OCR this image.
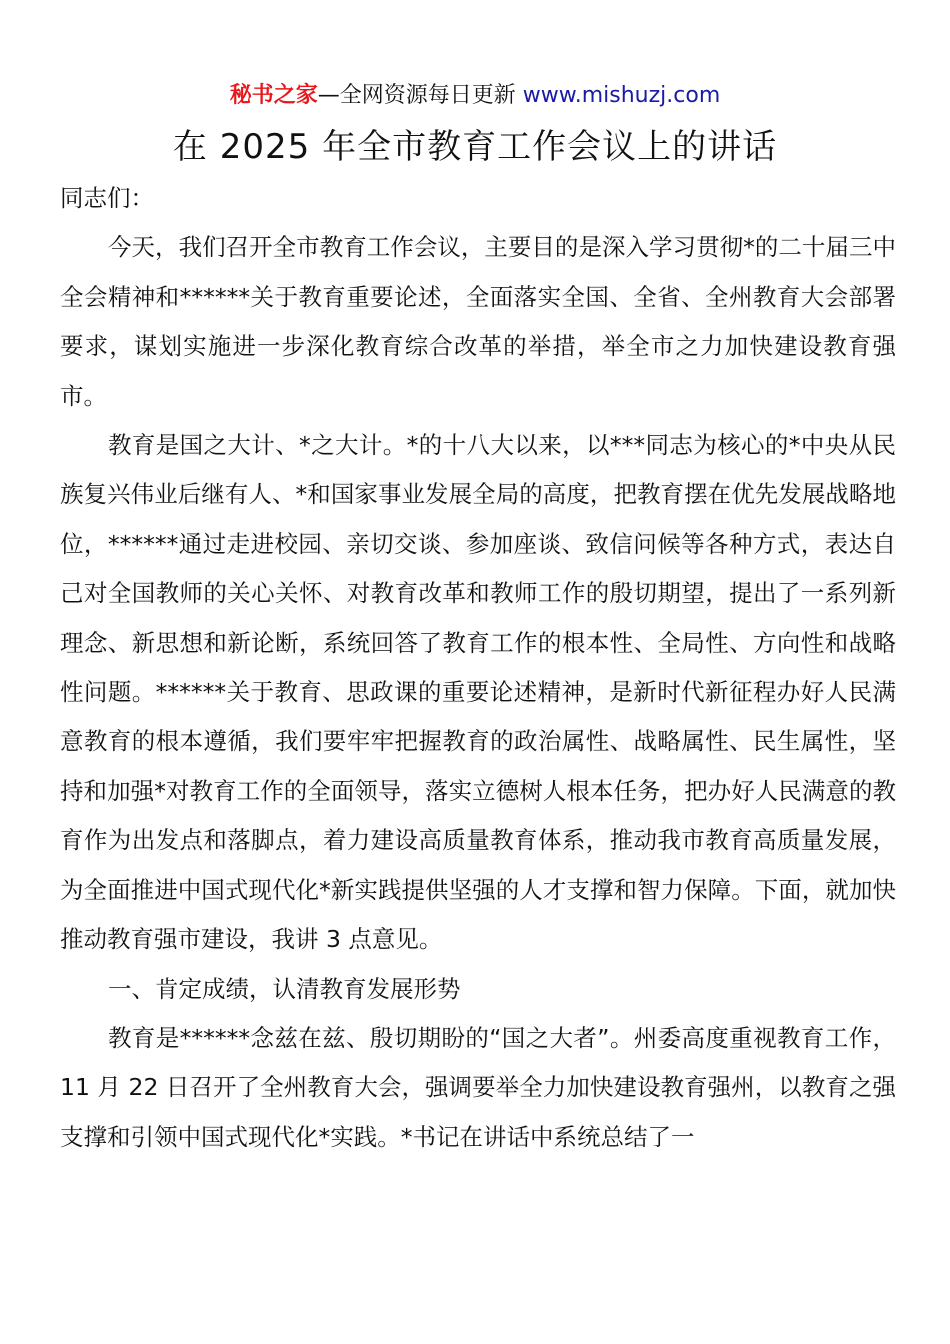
秘书之家—全网资源每日更新 www.mishuzj.com
在 2025 年全市教育工作会议上的讲话

同志们：

今天，我们召开全市教育工作会议，主要目的是深入学习贯彻*的二十届三中全会精神和******关于教育重要论述，全面落实全国、全省、全州教育大会部署要求，谋划实施进一步深化教育综合改革的举措，举全市之力加快建设教育强市。

教育是国之大计、*之大计。*的十八大以来，以***同志为核心的*中央从民族复兴伟业后继有人、*和国家事业发展全局的高度，把教育摆在优先发展战略地位，******通过走进校园、亲切交谈、参加座谈、致信问候等各种方式，表达自己对全国教师的关心关怀、对教育改革和教师工作的殷切期望，提出了一系列新理念、新思想和新论断，系统回答了教育工作的根本性、全局性、方向性和战略性问题。******关于教育、思政课的重要论述精神，是新时代新征程办好人民满意教育的根本遵循，我们要牢牢把握教育的政治属性、战略属性、民生属性，坚持和加强*对教育工作的全面领导，落实立德树人根本任务，把办好人民满意的教育作为出发点和落脚点，着力建设高质量教育体系，推动我市教育高质量发展，为全面推进中国式现代化*新实践提供坚强的人才支撑和智力保障。下面，就加快推动教育强市建设，我讲 3 点意见。

一、肯定成绩，认清教育发展形势

教育是******念兹在兹、殷切期盼的“国之大者”。州委高度重视教育工作，11 月 22 日召开了全州教育大会，强调要举全力加快建设教育强州，以教育之强支撑和引领中国式现代化*实践。*书记在讲话中系统总结了一
